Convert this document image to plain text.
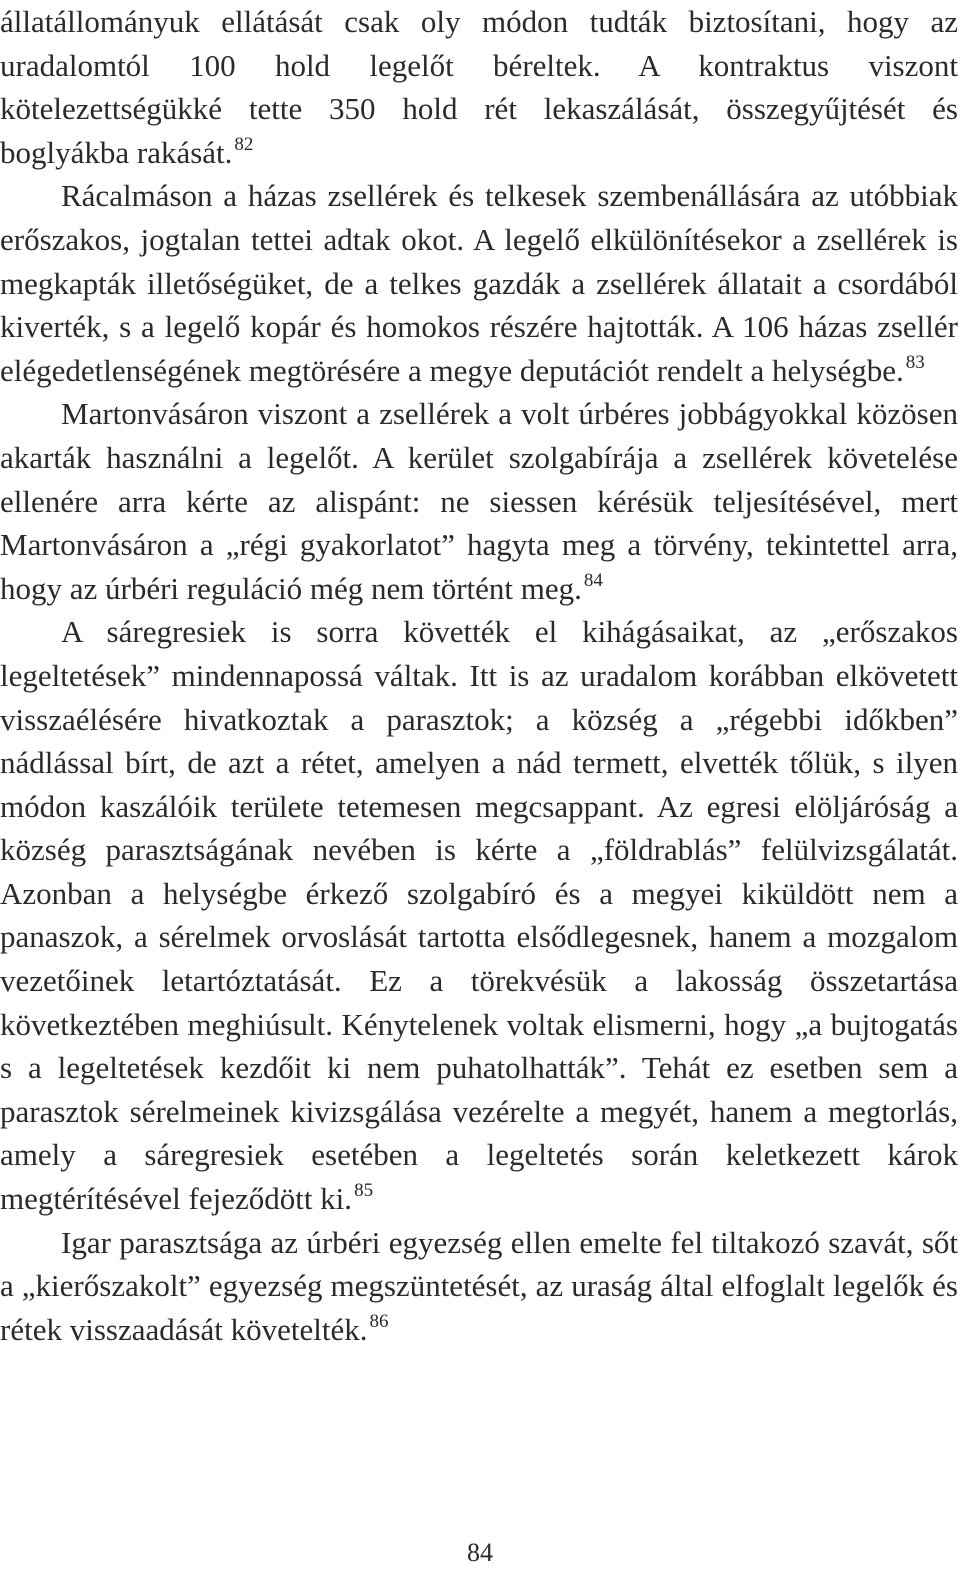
állatállományuk ellátását csak oly módon tudták biztosítani, hogy az uradalomtól 100 hold legelőt béreltek. A kontraktus viszont kötelezettségükké tette 350 hold rét lekaszálását, összegyűjtését és boglyákba rakását. $^{82}$

Rácalmáson a házas zsellérek és telkesek szembenállására az utóbbiak erőszakos, jogtalan tettei adtak okot. A legelő elkülönítésekor a zsellérek is megkapták illetőségüket, de a telkes gazdák a zsellérek állatait a csordából kiverték, s a legelő kopár és homokos részére hajtották. A 106 házas zsellér elégedetlenségének megtörésére a megye deputációt rendelt a helységbe. $^{83}$

Martonvásáron viszont a zsellérek a volt úrbéres jobbágyokkal közösen akarták használni a legelőt. A kerület szolgabírája a zsellérek követelése ellenére arra kérte az alispánt: ne siessen kérésük teljesítésével, mert Martonvásáron a „régi gyakorlatot” hagyta meg a törvény, tekintettel arra, hogy az úrbéri reguláció még nem történt meg. $^{84}$

A sáregresiek is sorra követték el kihágásaikat, az „erőszakos legeltetések” mindennapossá váltak. Itt is az uradalom korábban elkövetett visszaélésére hivatkoztak a parasztok; a község a „régebbi időkben” nádlással bírt, de azt a rétet, amelyen a nád termett, elvették tőlük, s ilyen módon kaszálóik területe tetemesen megcsappant. Az egresi elöljáróság a község parasztságának nevében is kérte a „földrablás” felülvizsgálatát. Azonban a helységbe érkező szolgabíró és a megyei kiküldött nem a panaszok, a sérelmek orvoslását tartotta elsődlegesnek, hanem a mozgalom vezetőinek letartóztatását. Ez a törekvésük a lakosság összetartása következtében meghiúsult. Kénytelenek voltak elismerni, hogy „a bujtogatás s a legeltetések kezdőit ki nem puhatolhatták”. Tehát ez esetben sem a parasztok sérelmeinek kivizsgálása vezérelte a megyét, hanem a megtorlás, amely a sáregresiek esetében a legeltetés során keletkezett károk megtérítésével fejeződött ki. $^{85}$

Igar parasztsága az úrbéri egyezség ellen emelte fel tiltakozó szavát, sőt a „kierőszakolt” egyezség megszüntetését, az uraság által elfoglalt legelők és rétek visszaadását követelték. $^{86}$

84
